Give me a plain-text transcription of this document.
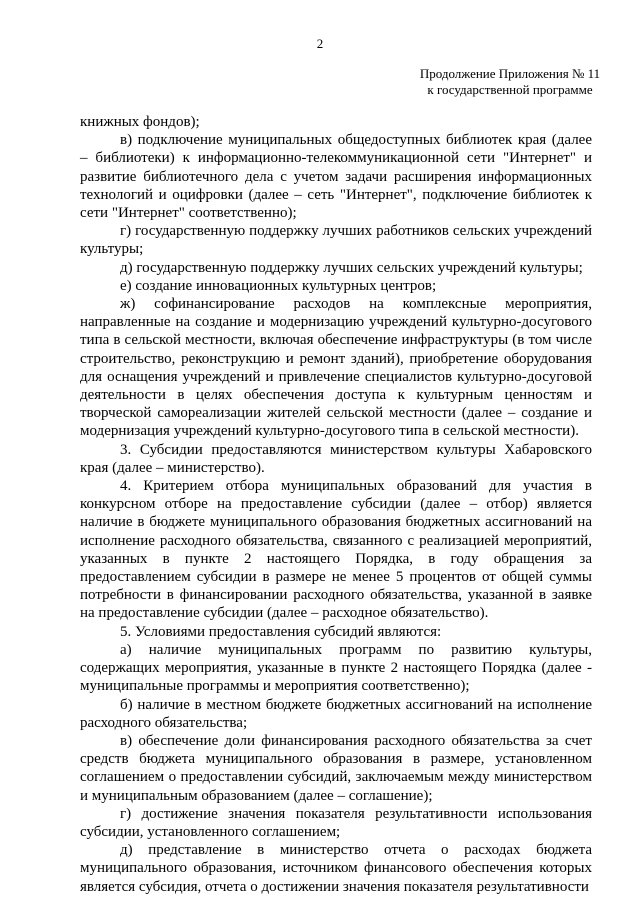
2
Продолжение Приложения № 11
к государственной программе

книжных фондов);

в) подключение муниципальных общедоступных библиотек края (далее – библиотеки) к информационно-телекоммуникационной сети "Интернет" и развитие библиотечного дела с учетом задачи расширения информационных технологий и оцифровки (далее – сеть "Интернет", подключение библиотек к сети "Интернет" соответственно);

г) государственную поддержку лучших работников сельских учреждений культуры;

д) государственную поддержку лучших сельских учреждений культуры;

е) создание инновационных культурных центров;

ж) софинансирование расходов на комплексные мероприятия, направленные на создание и модернизацию учреждений культурно-досугового типа в сельской местности, включая обеспечение инфраструктуры (в том числе строительство, реконструкцию и ремонт зданий), приобретение оборудования для оснащения учреждений и привлечение специалистов культурно-досуговой деятельности в целях обеспечения доступа к культурным ценностям и творческой самореализации жителей сельской местности (далее – создание и модернизация учреждений культурно-досугового типа в сельской местности).

3. Субсидии предоставляются министерством культуры Хабаровского края (далее – министерство).

4. Критерием отбора муниципальных образований для участия в конкурсном отборе на предоставление субсидии (далее – отбор) является наличие в бюджете муниципального образования бюджетных ассигнований на исполнение расходного обязательства, связанного с реализацией мероприятий, указанных в пункте 2 настоящего Порядка, в году обращения за предоставлением субсидии в размере не менее 5 процентов от общей суммы потребности в финансировании расходного обязательства, указанной в заявке на предоставление субсидии (далее – расходное обязательство).

5. Условиями предоставления субсидий являются:

а) наличие муниципальных программ по развитию культуры, содержащих мероприятия, указанные в пункте 2 настоящего Порядка (далее - муниципальные программы и мероприятия соответственно);

б) наличие в местном бюджете бюджетных ассигнований на исполнение расходного обязательства;

в) обеспечение доли финансирования расходного обязательства за счет средств бюджета муниципального образования в размере, установленном соглашением о предоставлении субсидий, заключаемым между министерством и муниципальным образованием (далее – соглашение);

г) достижение значения показателя результативности использования субсидии, установленного соглашением;

д) представление в министерство отчета о расходах бюджета муниципального образования, источником финансового обеспечения которых является субсидия, отчета о достижении значения показателя результативности
